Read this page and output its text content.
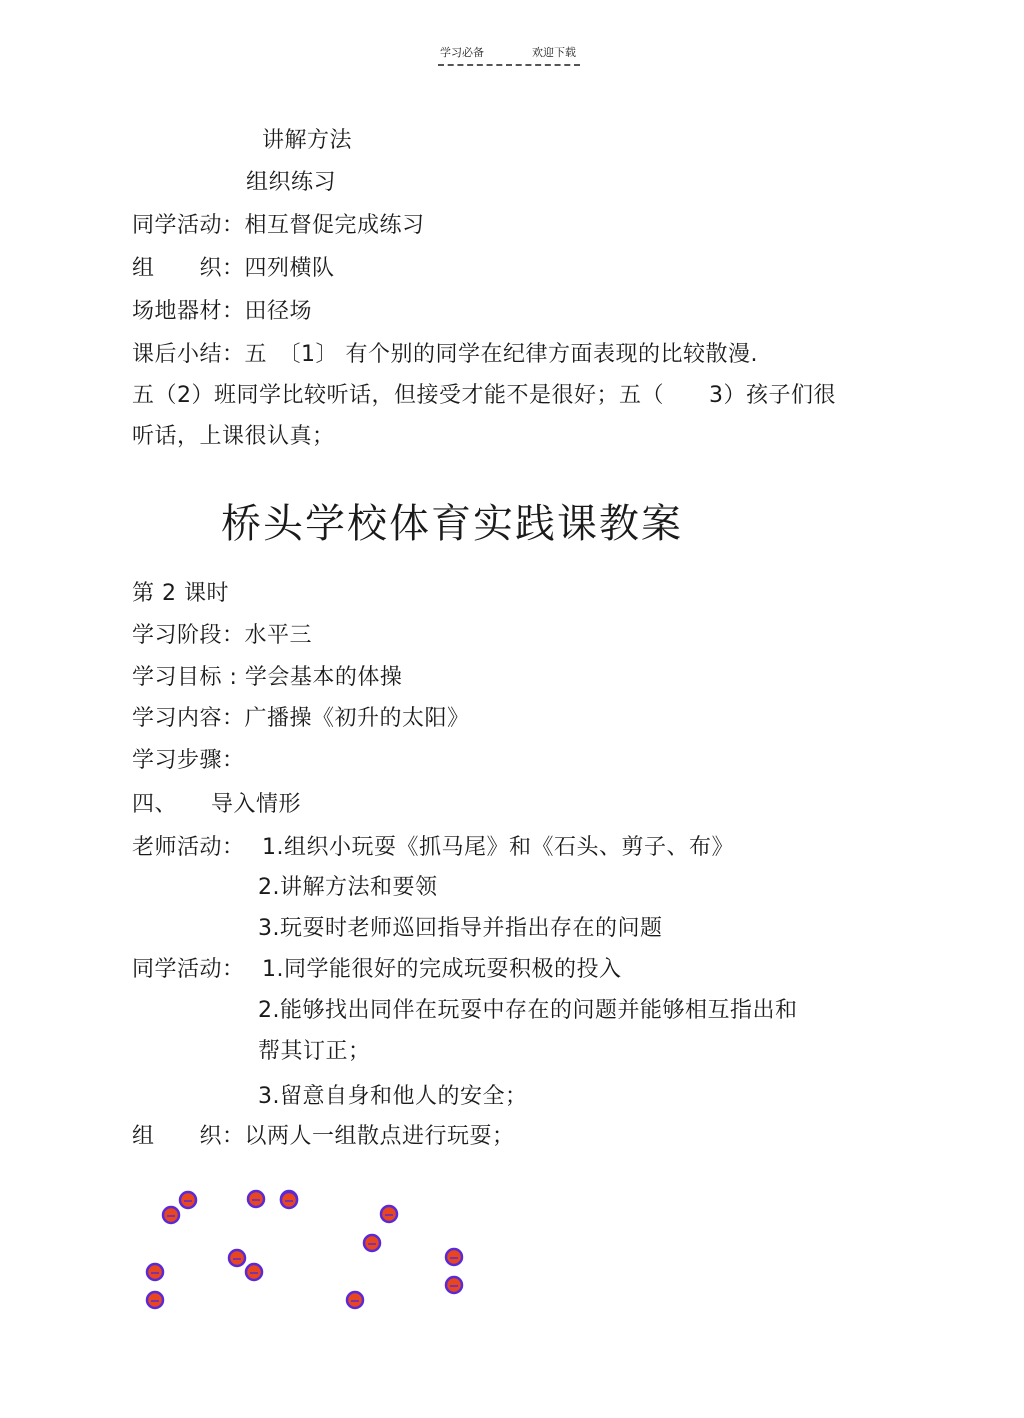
学习必备	欢迎下载
讲解方法
组织练习
同学活动：相互督促完成练习
组　　织：四列横队
场地器材：田径场
课后小结：五　〔1〕 有个别的同学在纪律方面表现的比较散漫.
五（2）班同学比较听话，但接受才能不是很好；五（　　3）孩子们很
听话，上课很认真；
桥头学校体育实践课教案
第 2 课时
学习阶段：水平三
学习目标 : 学会基本的体操
学习内容：广播操《初升的太阳》
学习步骤：
四、　　导入情形
老师活动： 1.组织小玩耍《抓马尾》和《石头、剪子、布》
2.讲解方法和要领
3.玩耍时老师巡回指导并指出存在的问题
同学活动： 1.同学能很好的完成玩耍积极的投入
2.能够找出同伴在玩耍中存在的问题并能够相互指出和
帮其订正；
3.留意自身和他人的安全；
组　　织：以两人一组散点进行玩耍；
